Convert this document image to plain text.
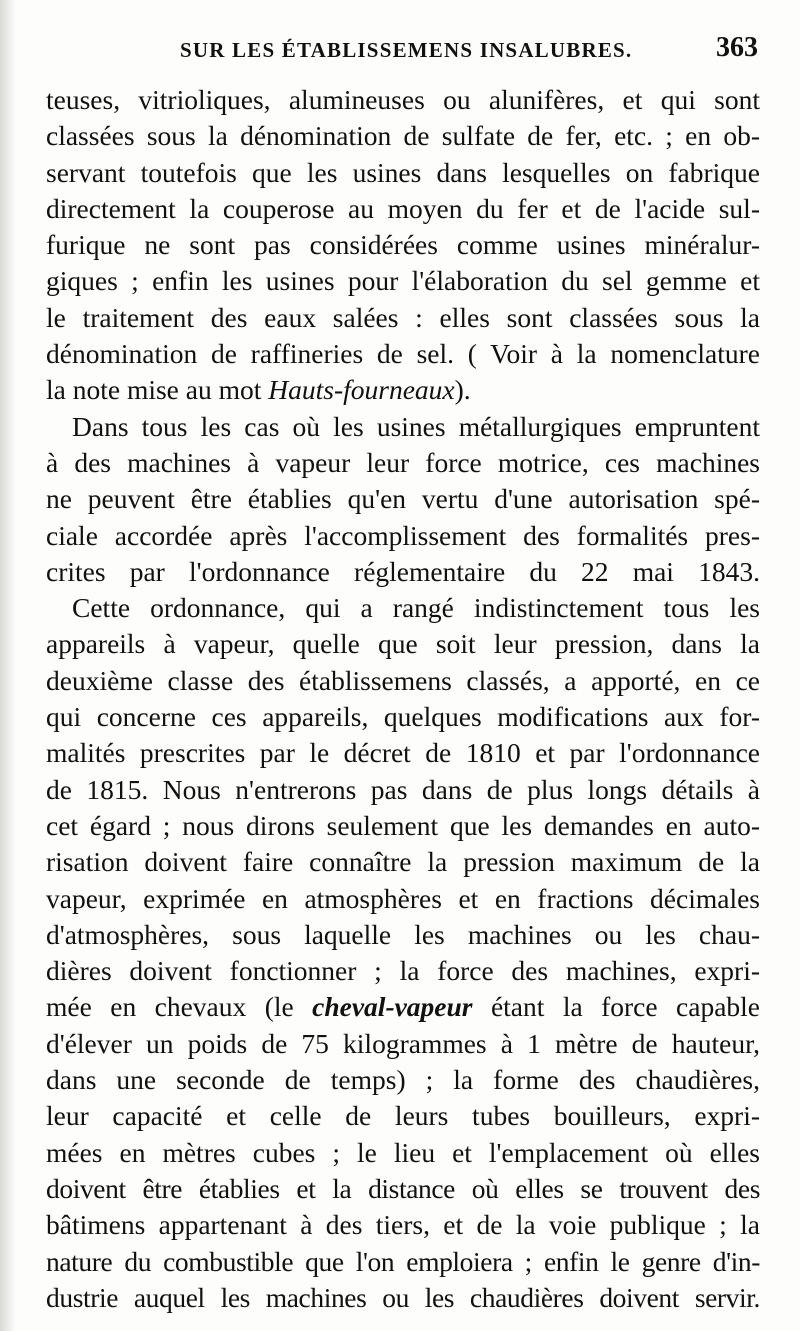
SUR LES ÉTABLISSEMENS INSALUBRES.	363
teuses, vitrioliques, alumineuses ou alunifères, et qui sont
classées sous la dénomination de sulfate de fer, etc. ; en ob-
servant toutefois que les usines dans lesquelles on fabrique
directement la couperose au moyen du fer et de l'acide sul-
furique ne sont pas considérées comme usines minéralur-
giques ; enfin les usines pour l'élaboration du sel gemme et
le traitement des eaux salées : elles sont classées sous la
dénomination de raffineries de sel. ( Voir à la nomenclature
la note mise au mot Hauts-fourneaux).
Dans tous les cas où les usines métallurgiques empruntent
à des machines à vapeur leur force motrice, ces machines
ne peuvent être établies qu'en vertu d'une autorisation spé-
ciale accordée après l'accomplissement des formalités pres-
crites par l'ordonnance réglementaire du 22 mai 1843.
Cette ordonnance, qui a rangé indistinctement tous les
appareils à vapeur, quelle que soit leur pression, dans la
deuxième classe des établissemens classés, a apporté, en ce
qui concerne ces appareils, quelques modifications aux for-
malités prescrites par le décret de 1810 et par l'ordonnance
de 1815. Nous n'entrerons pas dans de plus longs détails à
cet égard ; nous dirons seulement que les demandes en auto-
risation doivent faire connaître la pression maximum de la
vapeur, exprimée en atmosphères et en fractions décimales
d'atmosphères, sous laquelle les machines ou les chau-
dières doivent fonctionner ; la force des machines, expri-
mée en chevaux (le cheval-vapeur étant la force capable
d'élever un poids de 75 kilogrammes à 1 mètre de hauteur,
dans une seconde de temps) ; la forme des chaudières,
leur capacité et celle de leurs tubes bouilleurs, expri-
mées en mètres cubes ; le lieu et l'emplacement où elles
doivent être établies et la distance où elles se trouvent des
bâtimens appartenant à des tiers, et de la voie publique ; la
nature du combustible que l'on emploiera ; enfin le genre d'in-
dustrie auquel les machines ou les chaudières doivent servir.
